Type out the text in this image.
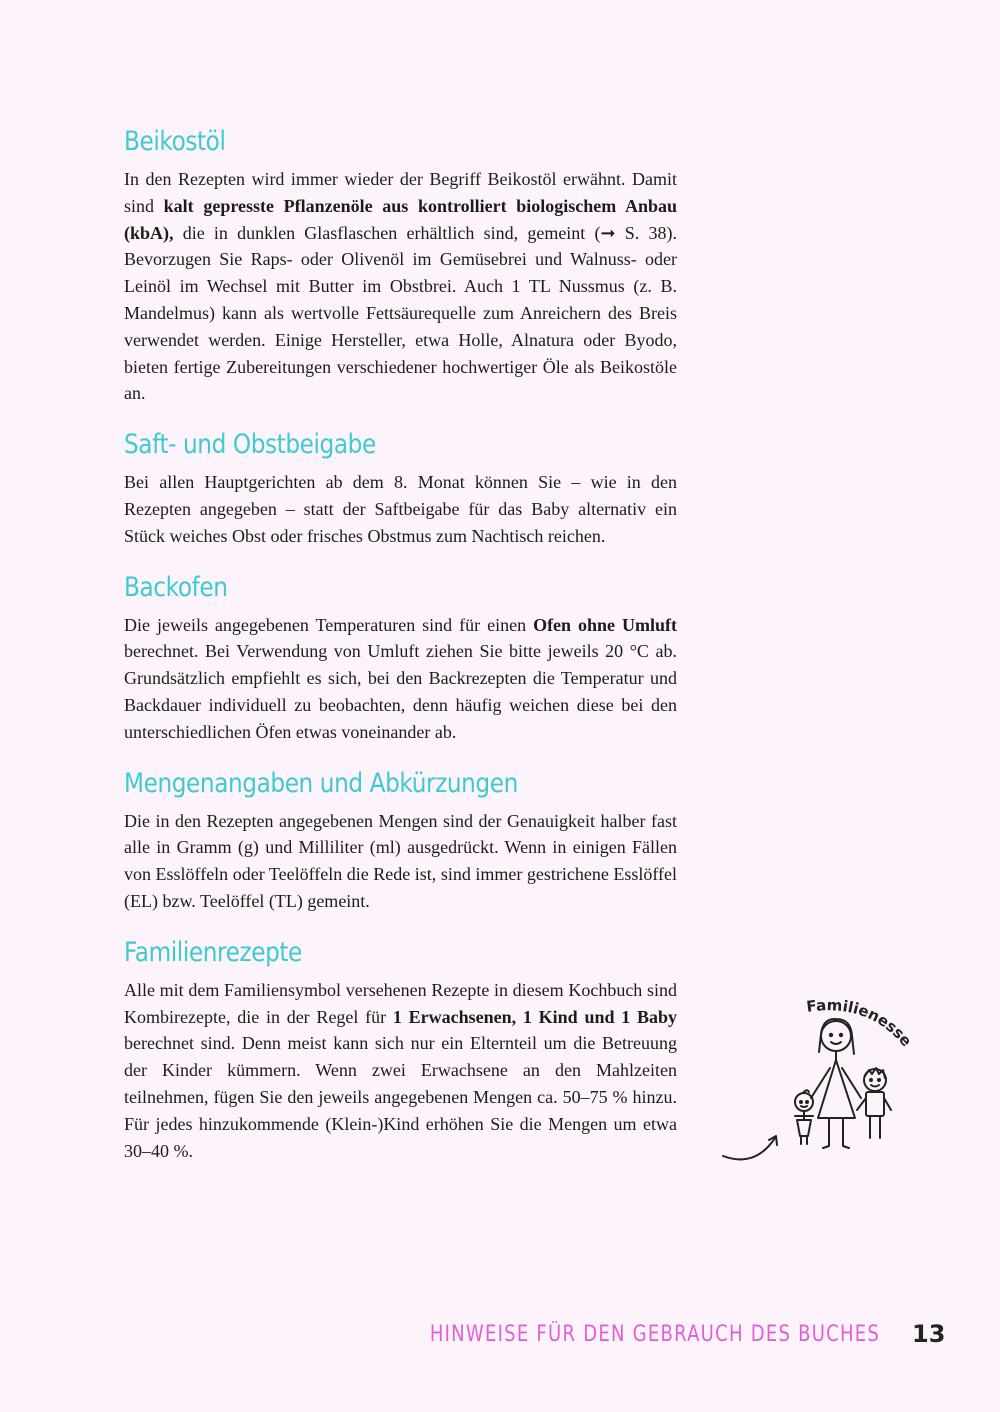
Beikostöl

In den Rezepten wird immer wieder der Begriff Beikostöl erwähnt. Damit sind kalt gepresste Pflanzenöle aus kontrolliert biologischem Anbau (kbA), die in dunklen Glasflaschen erhältlich sind, gemeint (➞ S. 38). Bevorzugen Sie Raps- oder Olivenöl im Gemüsebrei und Walnuss- oder Leinöl im Wechsel mit Butter im Obstbrei. Auch 1 TL Nussmus (z. B. Mandelmus) kann als wertvolle Fettsäurequelle zum Anreichern des Breis verwendet werden. Einige Hersteller, etwa Holle, Alnatura oder Byodo, bieten fertige Zubereitungen verschiedener hochwertiger Öle als Beikostöle an.

Saft- und Obstbeigabe

Bei allen Hauptgerichten ab dem 8. Monat können Sie – wie in den Rezepten angegeben – statt der Saftbeigabe für das Baby alternativ ein Stück weiches Obst oder frisches Obstmus zum Nachtisch reichen.

Backofen

Die jeweils angegebenen Temperaturen sind für einen Ofen ohne Umluft berechnet. Bei Verwendung von Umluft ziehen Sie bitte jeweils 20 °C ab. Grundsätzlich empfiehlt es sich, bei den Backrezepten die Temperatur und Backdauer individuell zu beobachten, denn häufig weichen diese bei den unterschiedlichen Öfen etwas voneinander ab.

Mengenangaben und Abkürzungen

Die in den Rezepten angegebenen Mengen sind der Genauigkeit halber fast alle in Gramm (g) und Milliliter (ml) ausgedrückt. Wenn in einigen Fällen von Esslöffeln oder Teelöffeln die Rede ist, sind immer gestrichene Esslöffel (EL) bzw. Teelöffel (TL) gemeint.

Familienrezepte

Alle mit dem Familiensymbol versehenen Rezepte in diesem Kochbuch sind Kombirezepte, die in der Regel für 1 Erwachsenen, 1 Kind und 1 Baby berechnet sind. Denn meist kann sich nur ein Elternteil um die Betreuung der Kinder kümmern. Wenn zwei Erwachsene an den Mahlzeiten teilnehmen, fügen Sie den jeweils angegebenen Mengen ca. 50–75 % hinzu. Für jedes hinzukommende (Klein-)Kind erhöhen Sie die Mengen um etwa 30–40 %.

Familienesse
HINWEISE FÜR DEN GEBRAUCH DES BUCHES 13
